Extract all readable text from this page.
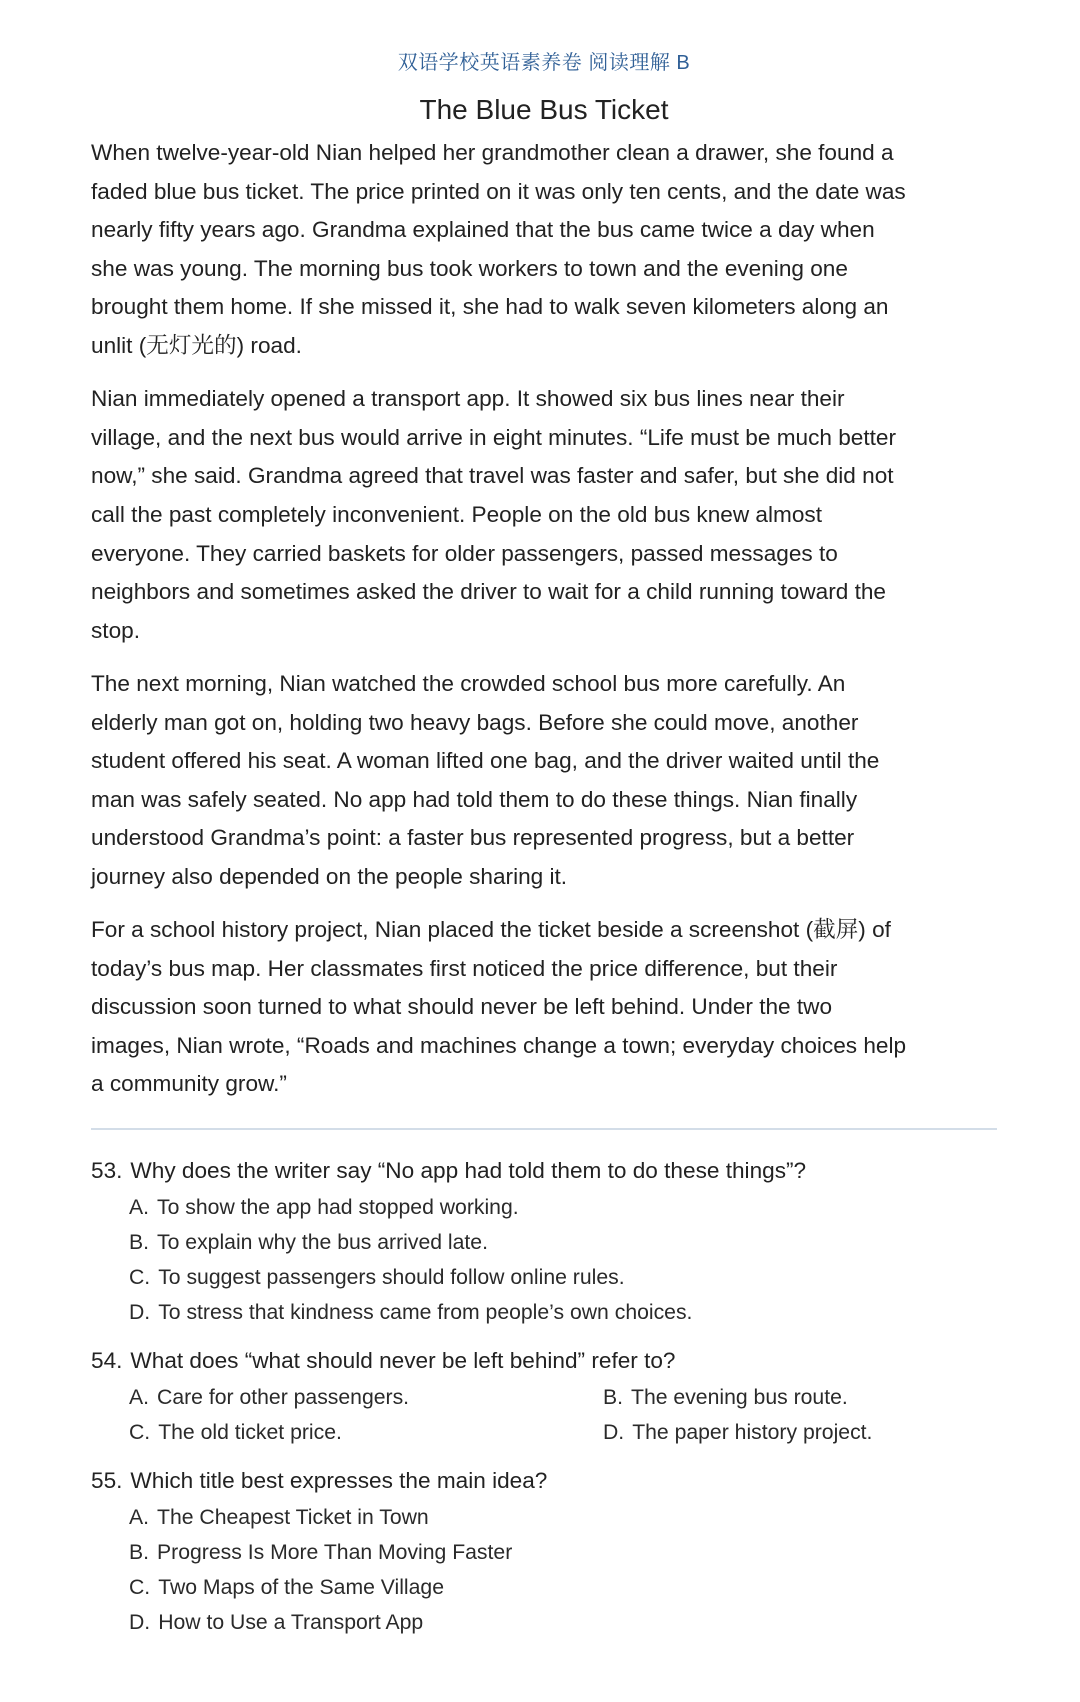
双语学校英语素养卷 阅读理解 B
The Blue Bus Ticket

When twelve-year-old Nian helped her grandmother clean a drawer, she found a
faded blue bus ticket. The price printed on it was only ten cents, and the date was
nearly fifty years ago. Grandma explained that the bus came twice a day when
she was young. The morning bus took workers to town and the evening one
brought them home. If she missed it, she had to walk seven kilometers along an
unlit (无灯光的) road.

Nian immediately opened a transport app. It showed six bus lines near their
village, and the next bus would arrive in eight minutes. “Life must be much better
now,” she said. Grandma agreed that travel was faster and safer, but she did not
call the past completely inconvenient. People on the old bus knew almost
everyone. They carried baskets for older passengers, passed messages to
neighbors and sometimes asked the driver to wait for a child running toward the
stop.

The next morning, Nian watched the crowded school bus more carefully. An
elderly man got on, holding two heavy bags. Before she could move, another
student offered his seat. A woman lifted one bag, and the driver waited until the
man was safely seated. No app had told them to do these things. Nian finally
understood Grandma’s point: a faster bus represented progress, but a better
journey also depended on the people sharing it.

For a school history project, Nian placed the ticket beside a screenshot (截屏) of
today’s bus map. Her classmates first noticed the price difference, but their
discussion soon turned to what should never be left behind. Under the two
images, Nian wrote, “Roads and machines change a town; everyday choices help
a community grow.”

53. Why does the writer say “No app had told them to do these things”?
A. To show the app had stopped working.
B. To explain why the bus arrived late.
C. To suggest passengers should follow online rules.
D. To stress that kindness came from people’s own choices.
54. What does “what should never be left behind” refer to?
A. Care for other passengers.	B. The evening bus route.
C. The old ticket price.	D. The paper history project.
55. Which title best expresses the main idea?
A. The Cheapest Ticket in Town
B. Progress Is More Than Moving Faster
C. Two Maps of the Same Village
D. How to Use a Transport App
